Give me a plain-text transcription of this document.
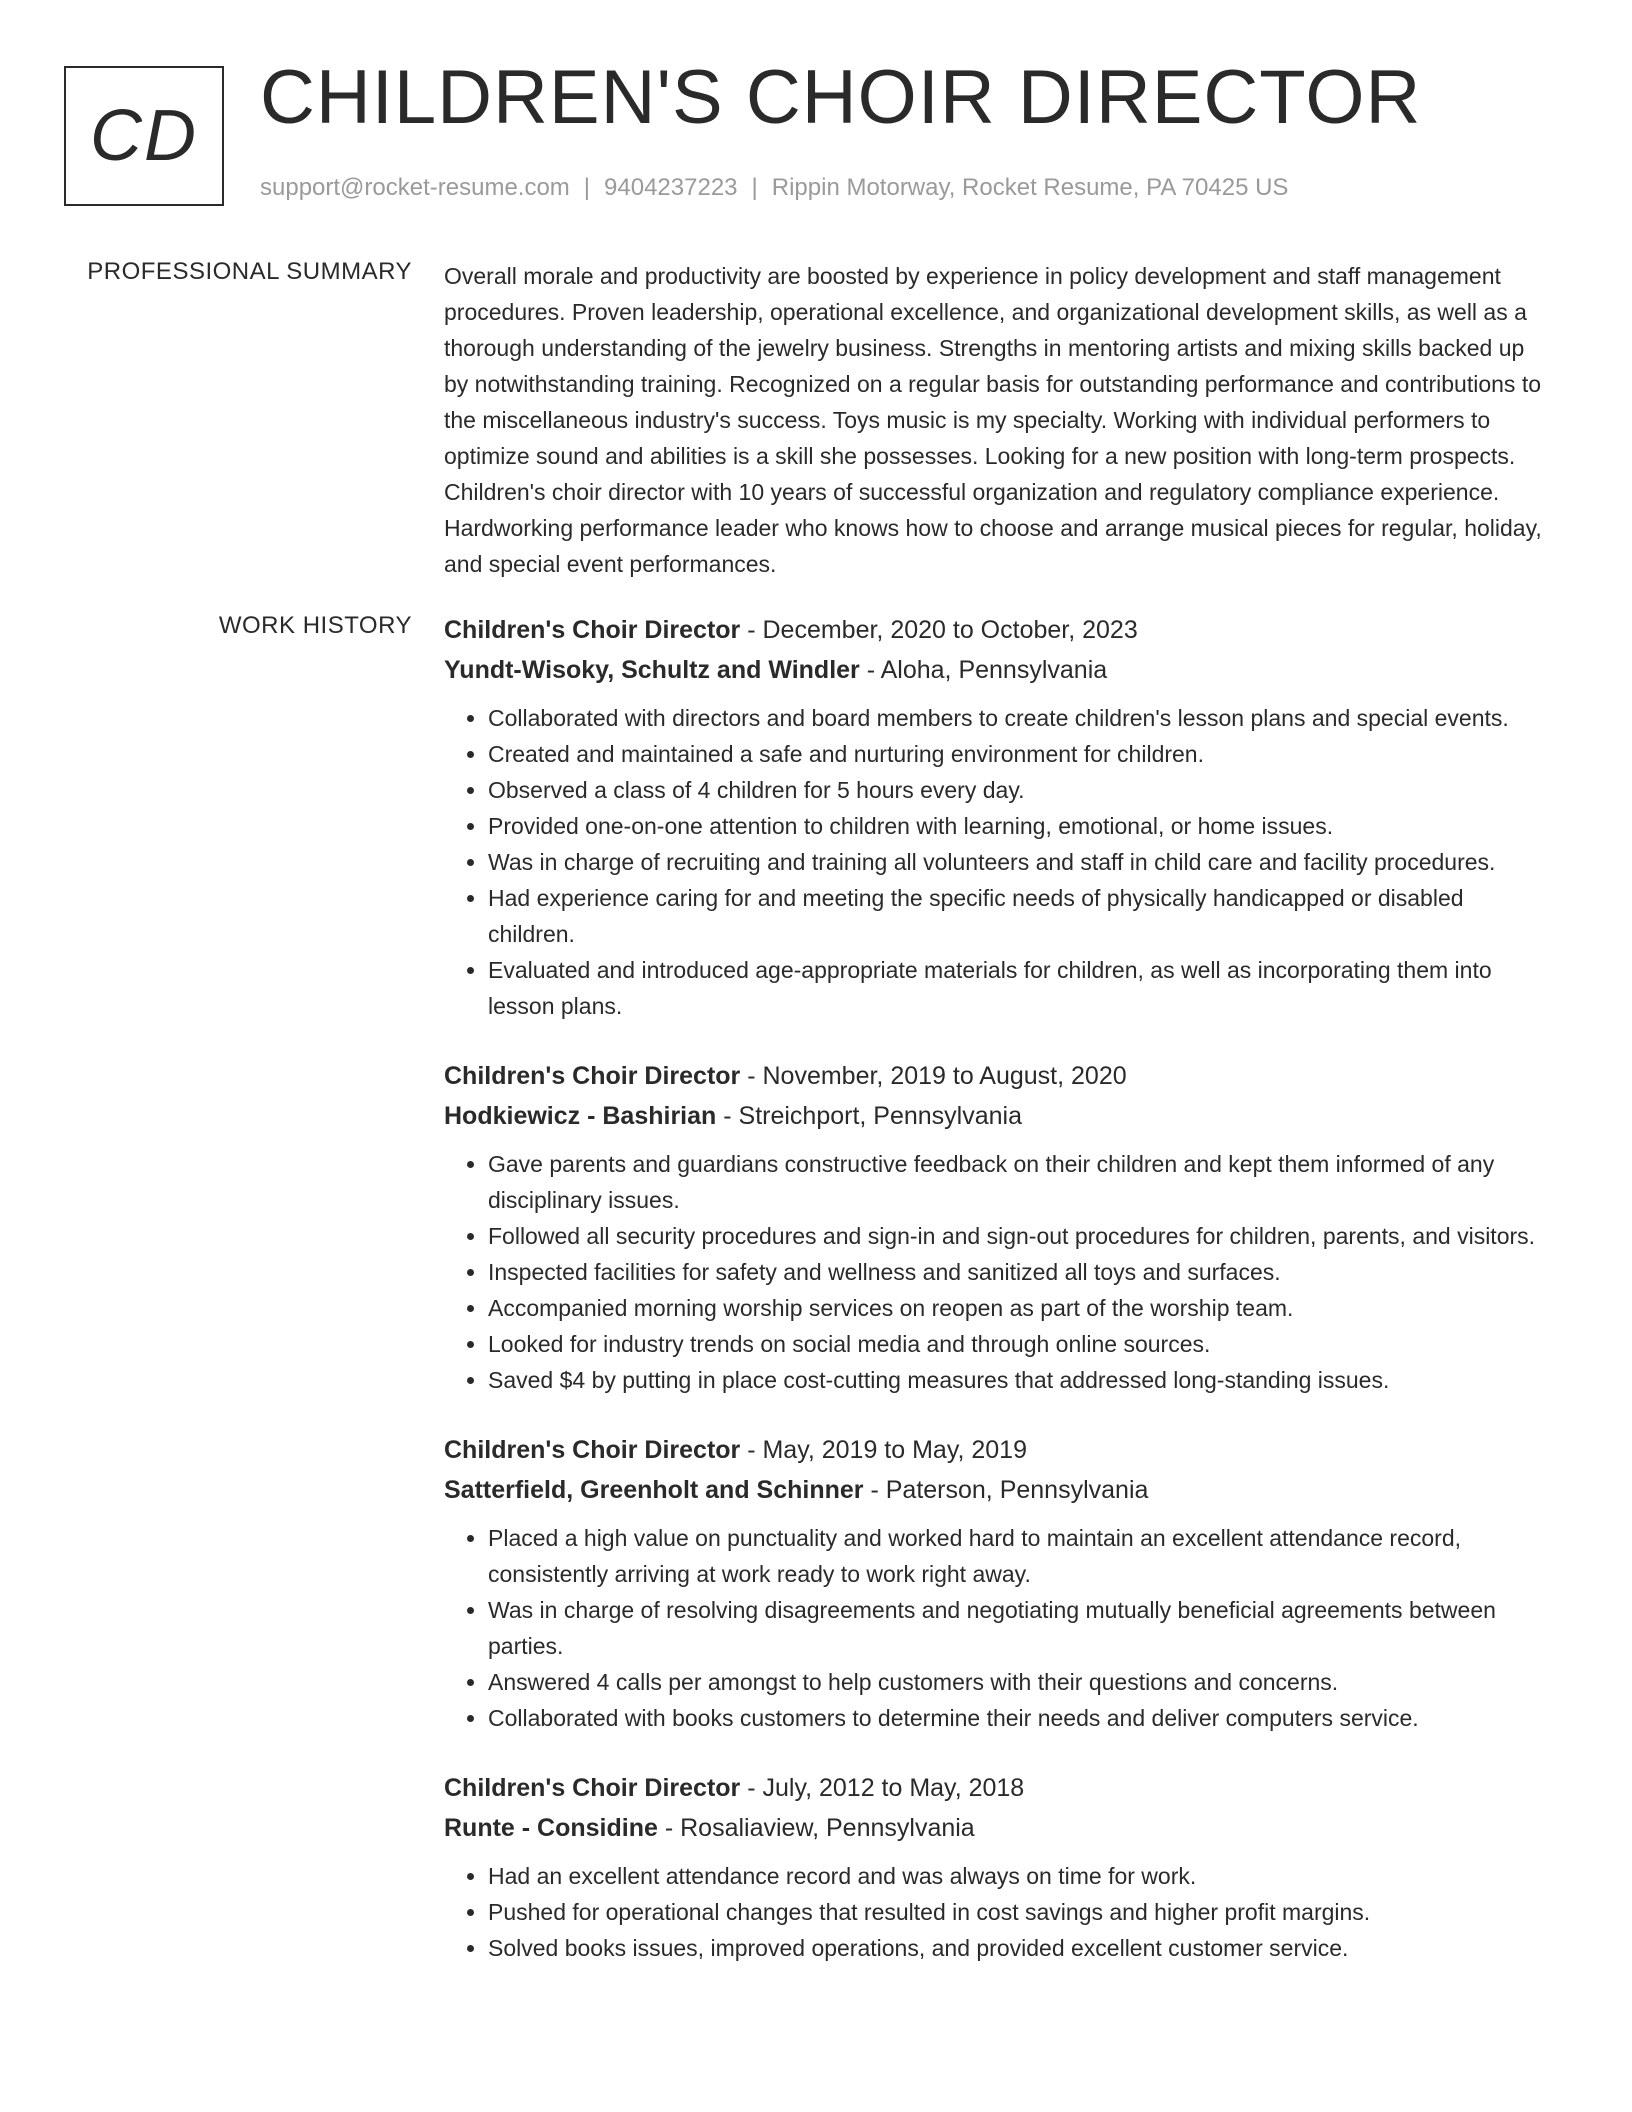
CD CHILDREN'S CHOIR DIRECTOR
support@rocket-resume.com | 9404237223 | Rippin Motorway, Rocket Resume, PA 70425 US
PROFESSIONAL SUMMARY Overall morale and productivity are boosted by experience in policy development and staff management procedures. Proven leadership, operational excellence, and organizational development skills, as well as a thorough understanding of the jewelry business. Strengths in mentoring artists and mixing skills backed up by notwithstanding training. Recognized on a regular basis for outstanding performance and contributions to the miscellaneous industry's success. Toys music is my specialty. Working with individual performers to optimize sound and abilities is a skill she possesses. Looking for a new position with long-term prospects. Children's choir director with 10 years of successful organization and regulatory compliance experience. Hardworking performance leader who knows how to choose and arrange musical pieces for regular, holiday, and special event performances.

WORK HISTORY Children's Choir Director - December, 2020 to October, 2023

Yundt-Wisoky, Schultz and Windler - Aloha, Pennsylvania

• Collaborated with directors and board members to create children's lesson plans and special events.
• Created and maintained a safe and nurturing environment for children.
• Observed a class of 4 children for 5 hours every day.
• Provided one-on-one attention to children with learning, emotional, or home issues.
• Was in charge of recruiting and training all volunteers and staff in child care and facility procedures.
• Had experience caring for and meeting the specific needs of physically handicapped or disabled children.
• Evaluated and introduced age-appropriate materials for children, as well as incorporating them into lesson plans.

Children's Choir Director - November, 2019 to August, 2020

Hodkiewicz - Bashirian - Streichport, Pennsylvania

• Gave parents and guardians constructive feedback on their children and kept them informed of any disciplinary issues.
• Followed all security procedures and sign-in and sign-out procedures for children, parents, and visitors.
• Inspected facilities for safety and wellness and sanitized all toys and surfaces.
• Accompanied morning worship services on reopen as part of the worship team.
• Looked for industry trends on social media and through online sources.
• Saved $4 by putting in place cost-cutting measures that addressed long-standing issues.

Children's Choir Director - May, 2019 to May, 2019

Satterfield, Greenholt and Schinner - Paterson, Pennsylvania

• Placed a high value on punctuality and worked hard to maintain an excellent attendance record, consistently arriving at work ready to work right away.
• Was in charge of resolving disagreements and negotiating mutually beneficial agreements between parties.
• Answered 4 calls per amongst to help customers with their questions and concerns.
• Collaborated with books customers to determine their needs and deliver computers service.

Children's Choir Director - July, 2012 to May, 2018

Runte - Considine - Rosaliaview, Pennsylvania

• Had an excellent attendance record and was always on time for work.
• Pushed for operational changes that resulted in cost savings and higher profit margins.
• Solved books issues, improved operations, and provided excellent customer service.
